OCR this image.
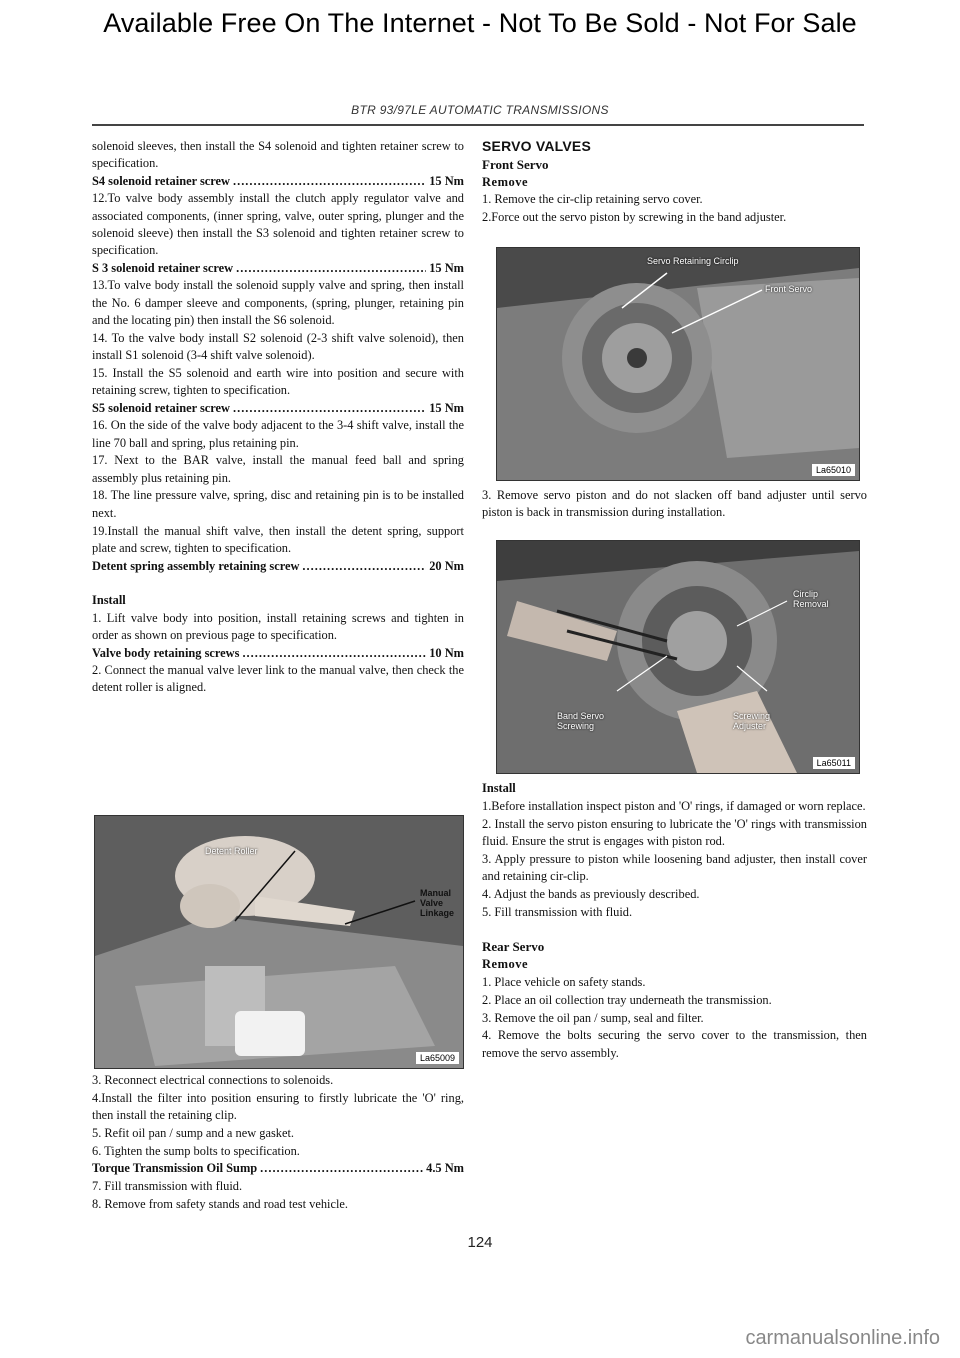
Available Free On The Internet - Not To Be Sold - Not For Sale
BTR 93/97LE AUTOMATIC TRANSMISSIONS

solenoid sleeves, then install the S4 solenoid and tighten retainer screw to specification.

S4 solenoid retainer screw .....	15 Nm

12.To valve body assembly install the clutch apply regulator valve and associated components, (inner spring, valve, outer spring, plunger and the solenoid sleeve) then install the S3 solenoid and tighten retainer screw to specification.

S 3 solenoid retainer screw .....	15 Nm

13.To valve body install the solenoid supply valve and spring, then install the No. 6 damper sleeve and components, (spring, plunger, retaining pin and the locating pin) then install the S6 solenoid.

14. To the valve body install S2 solenoid (2-3 shift valve solenoid), then install S1 solenoid (3-4 shift valve solenoid).

15. Install the S5 solenoid and earth wire into position and secure with retaining screw, tighten to specification.

S5 solenoid retainer screw .....	15 Nm

16. On the side of the valve body adjacent to the 3-4 shift valve, install the line 70 ball and spring, plus retaining pin.

17. Next to the BAR valve, install the manual feed ball and spring assembly plus retaining pin.

18. The line pressure valve, spring, disc and retaining pin is to be installed next.

19.Install the manual shift valve, then install the detent spring, support plate and screw, tighten to specification.

Detent spring assembly retaining screw .....	20 Nm

Install

1. Lift valve body into position, install retaining screws and tighten in order as shown on previous page to specification.

Valve body retaining screws .....	10 Nm

2. Connect the manual valve lever link to the manual valve, then check the detent roller is aligned.

Detent Roller
Manual
Valve
Linkage
La65009

3. Reconnect electrical connections to solenoids.

4.Install the filter into position ensuring to firstly lubricate the 'O' ring, then install the retaining clip.

5. Refit oil pan / sump and a new gasket.

6. Tighten the sump bolts to specification.

Torque Transmission Oil Sump .....	4.5 Nm

7. Fill transmission with fluid.

8. Remove from safety stands and road test vehicle.

SERVO VALVES

Front Servo

Remove

1. Remove the cir-clip retaining servo cover.

2.Force out the servo piston by screwing in the band adjuster.

Servo Retaining Circlip
Front Servo
La65010

3. Remove servo piston and do not slacken off band adjuster until servo piston is back in transmission during installation.

Circlip
Removal
Band Servo
Screwing
Screwing
Adjuster
La65011

Install

1.Before installation inspect piston and 'O' rings, if damaged or worn replace.

2. Install the servo piston ensuring to lubricate the 'O' rings with transmission fluid. Ensure the strut is engages with piston rod.

3. Apply pressure to piston while loosening band adjuster, then install cover and retaining cir-clip.

4. Adjust the bands as previously described.

5. Fill transmission with fluid.

Rear Servo

Remove

1. Place vehicle on safety stands.

2. Place an oil collection tray underneath the transmission.

3. Remove the oil pan / sump, seal and filter.

4. Remove the bolts securing the servo cover to the transmission, then remove the servo assembly.

124
carmanualsonline.info
